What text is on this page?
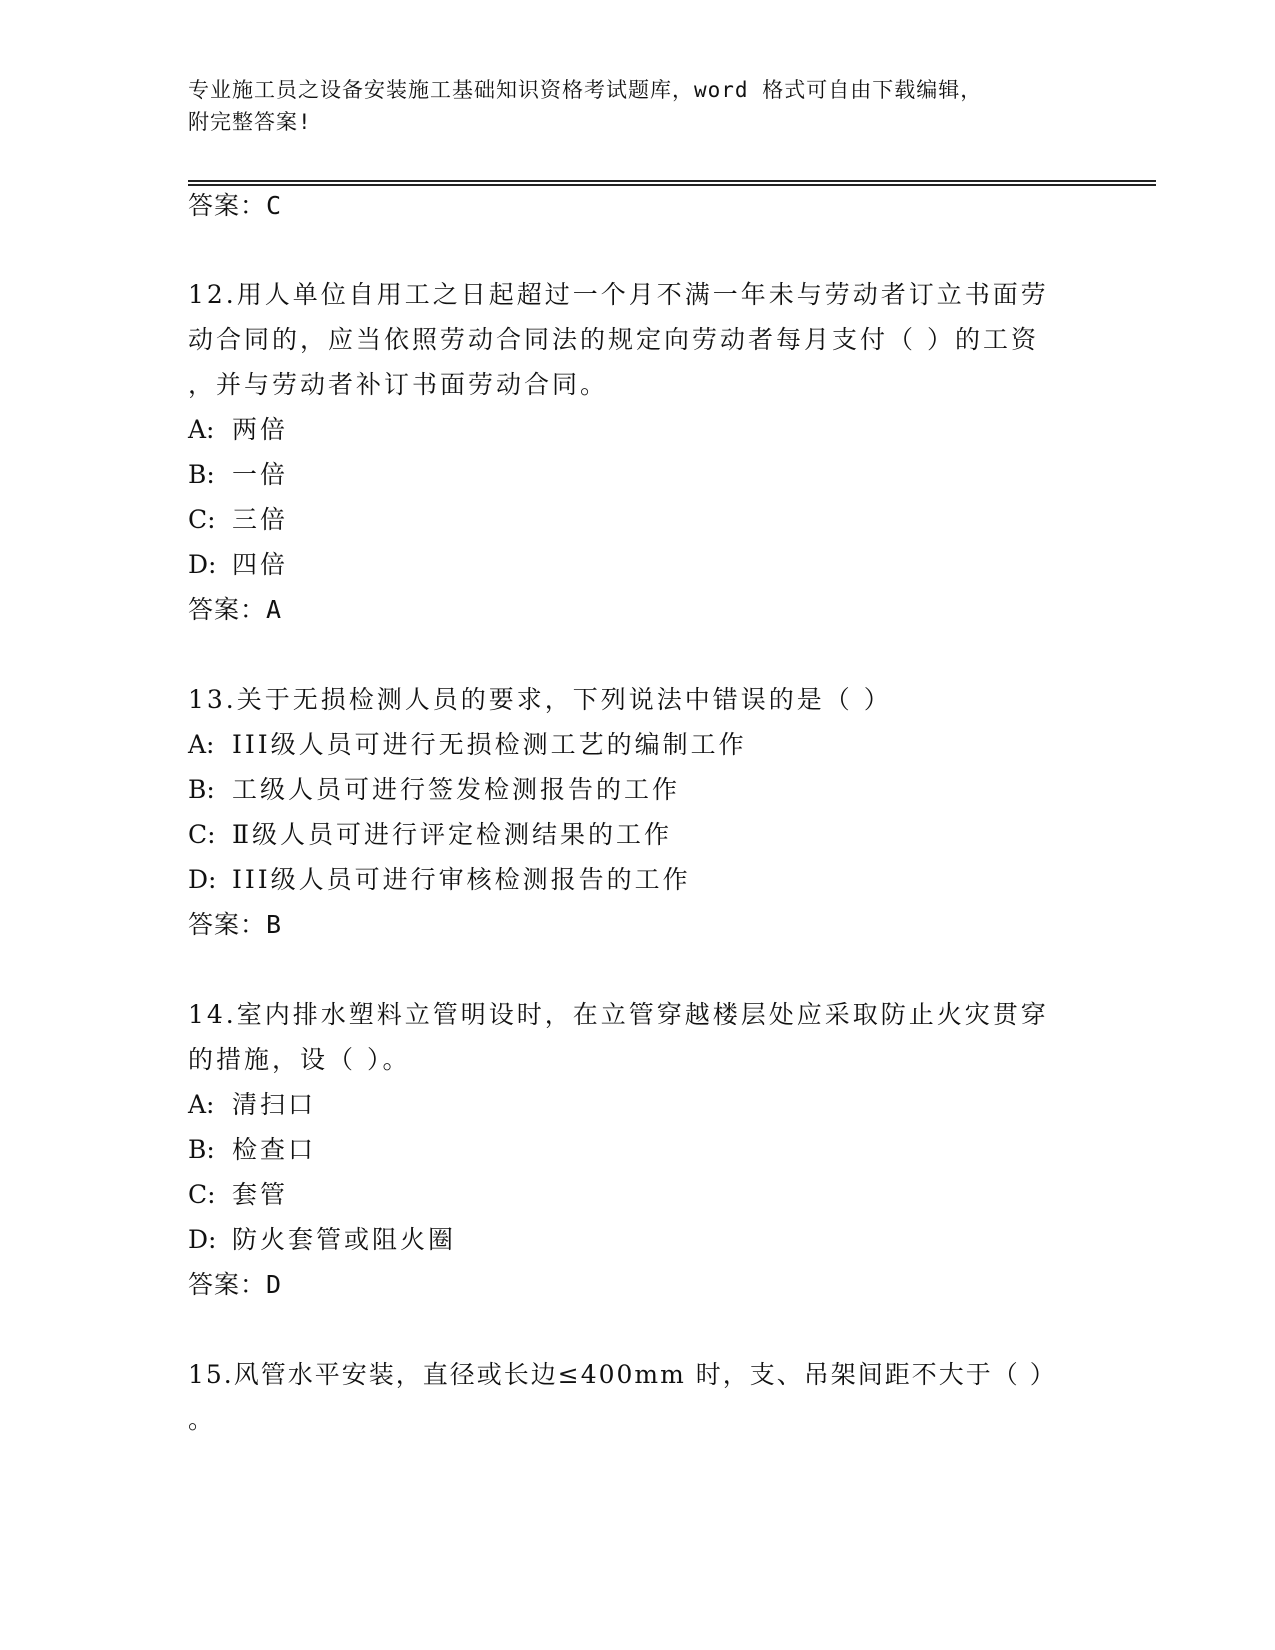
专业施工员之设备安装施工基础知识资格考试题库，word 格式可自由下载编辑，
附完整答案!
答案：C
12.用人单位自用工之日起超过一个月不满一年未与劳动者订立书面劳
动合同的，应当依照劳动合同法的规定向劳动者每月支付（ ）的工资
，并与劳动者补订书面劳动合同。
A: 两倍
B: 一倍
C: 三倍
D: 四倍
答案：A
13.关于无损检测人员的要求，下列说法中错误的是（ ）
A: III级人员可进行无损检测工艺的编制工作
B: 工级人员可进行签发检测报告的工作
C: Ⅱ级人员可进行评定检测结果的工作
D: III级人员可进行审核检测报告的工作
答案：B
14.室内排水塑料立管明设时，在立管穿越楼层处应采取防止火灾贯穿
的措施，设（ ）。
A: 清扫口
B: 检查口
C: 套管
D: 防火套管或阻火圈
答案：D
15.风管水平安装，直径或长边≤400mm 时，支、吊架间距不大于（ ）
。
